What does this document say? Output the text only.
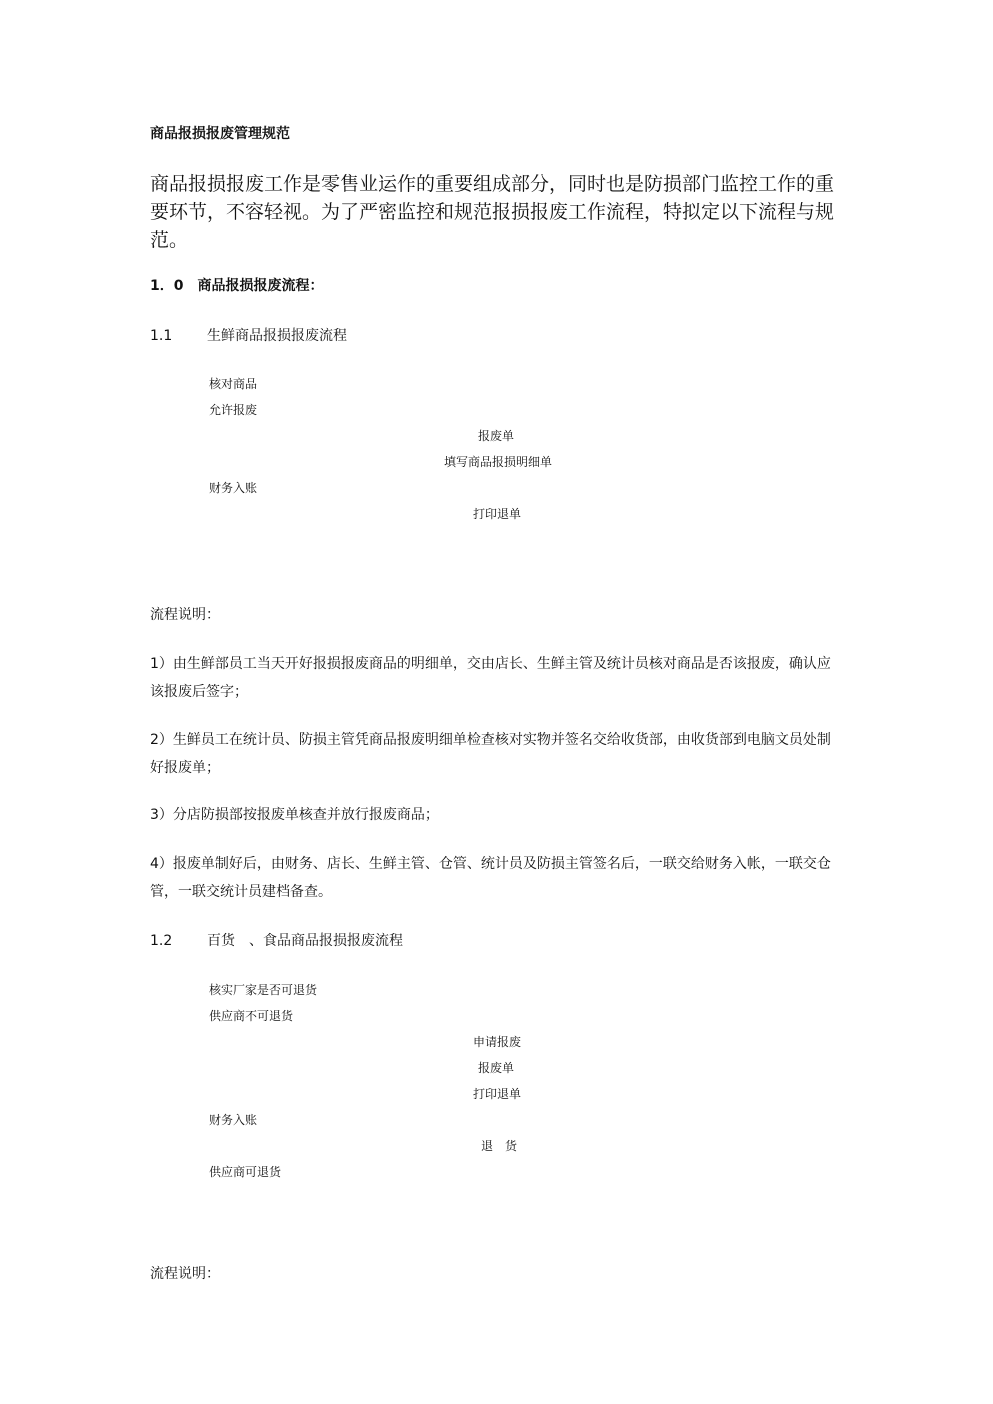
商品报损报废管理规范
商品报损报废工作是零售业运作的重要组成部分，同时也是防损部门监控工作的重要环节，不容轻视。为了严密监控和规范报损报废工作流程，特拟定以下流程与规范。
1．0　商品报损报废流程：
1.1 生鲜商品报损报废流程
核对商品
允许报废
报废单
填写商品报损明细单
财务入账
打印退单
流程说明：
1）由生鲜部员工当天开好报损报废商品的明细单，交由店长、生鲜主管及统计员核对商品是否该报废，确认应该报废后签字；
2）生鲜员工在统计员、防损主管凭商品报废明细单检查核对实物并签名交给收货部，由收货部到电脑文员处制好报废单；
3）分店防损部按报废单核查并放行报废商品；
4）报废单制好后，由财务、店长、生鲜主管、仓管、统计员及防损主管签名后，一联交给财务入帐，一联交仓管，一联交统计员建档备查。
1.2 百货　、食品商品报损报废流程
核实厂家是否可退货
供应商不可退货
申请报废
报废单
打印退单
财务入账
退　货
供应商可退货
流程说明：
